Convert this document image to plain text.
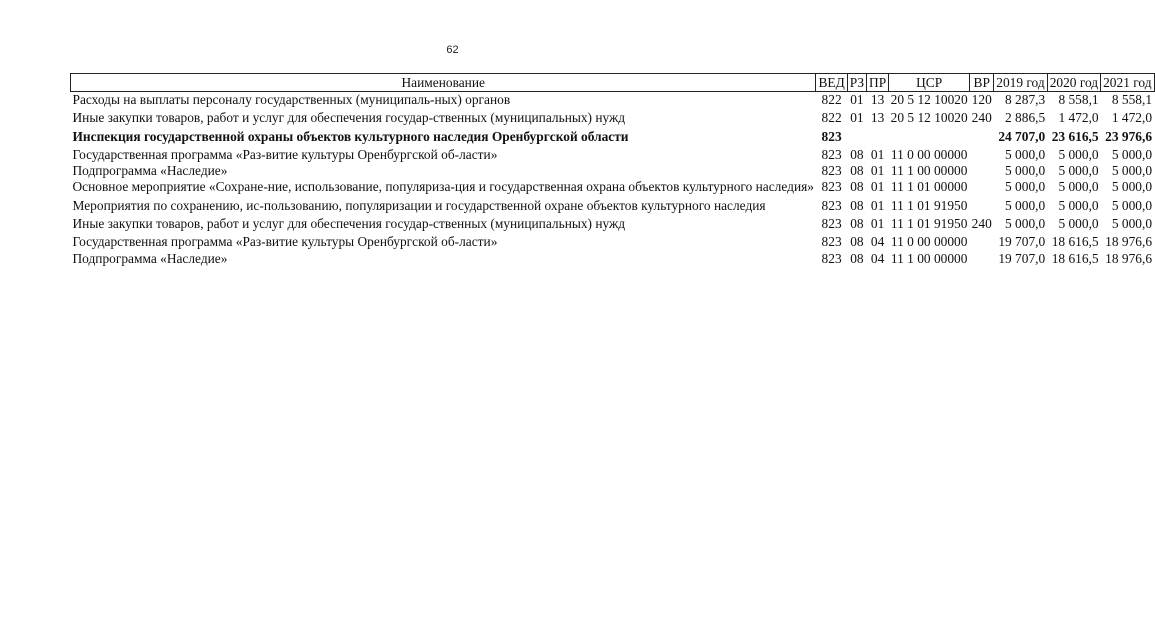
62
Наименование	ВЕД	РЗ	ПР	ЦСР	ВР	2019 год	2020 год	2021 год
Расходы на выплаты персоналу государственных (муниципаль-ных) органов	822	01	13	20 5 12 10020	120	8 287,3	8 558,1	8 558,1
Иные закупки товаров, работ и услуг для обеспечения государ-ственных (муниципальных) нужд	822	01	13	20 5 12 10020	240	2 886,5	1 472,0	1 472,0
Инспекция государственной охраны объектов культурного наследия Оренбургской области	823					24 707,0	23 616,5	23 976,6
Государственная программа «Раз-витие культуры Оренбургской об-ласти»	823	08	01	11 0 00 00000		5 000,0	5 000,0	5 000,0
Подпрограмма «Наследие»	823	08	01	11 1 00 00000		5 000,0	5 000,0	5 000,0
Основное мероприятие «Сохране-ние, использование, популяриза-ция и государственная охрана объектов культурного наследия»	823	08	01	11 1 01 00000		5 000,0	5 000,0	5 000,0
Мероприятия по сохранению, ис-пользованию, популяризации и государственной охране объектов культурного наследия	823	08	01	11 1 01 91950		5 000,0	5 000,0	5 000,0
Иные закупки товаров, работ и услуг для обеспечения государ-ственных (муниципальных) нужд	823	08	01	11 1 01 91950	240	5 000,0	5 000,0	5 000,0
Государственная программа «Раз-витие культуры Оренбургской об-ласти»	823	08	04	11 0 00 00000		19 707,0	18 616,5	18 976,6
Подпрограмма «Наследие»	823	08	04	11 1 00 00000		19 707,0	18 616,5	18 976,6
